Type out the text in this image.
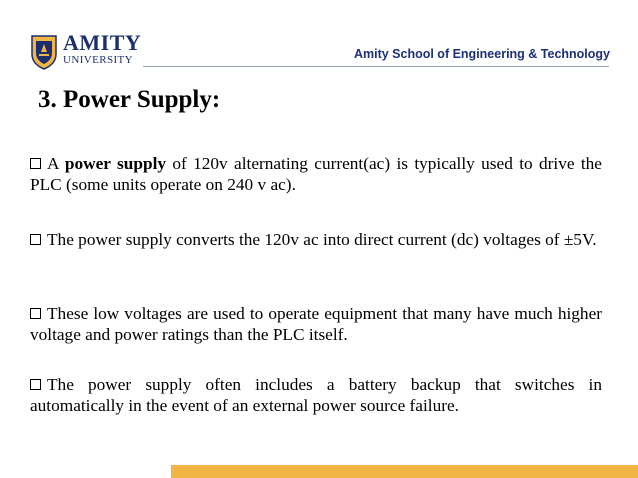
AMITY
UNIVERSITY	Amity School of Engineering & Technology
3. Power Supply:
A power supply of 120v alternating current(ac) is typically used to drive the PLC (some units operate on 240 v ac).
The power supply converts the 120v ac into direct current (dc) voltages of ±5V.
These low voltages are used to operate equipment that many have much higher voltage and power ratings than the PLC itself.
The power supply often includes a battery backup that switches in automatically in the event of an external power source failure.
